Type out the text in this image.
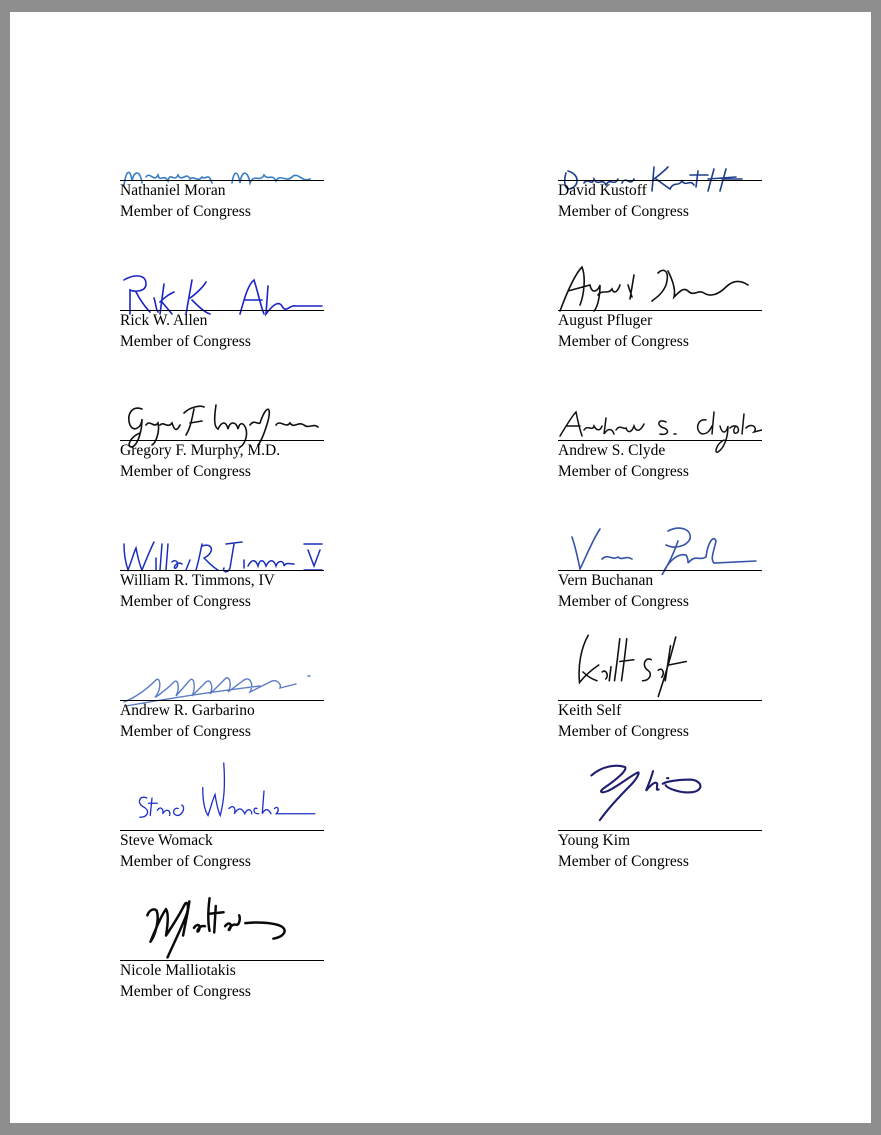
Nathaniel Moran
Member of Congress
David Kustoff
Member of Congress
Rick W. Allen
Member of Congress
August Pfluger
Member of Congress
Gregory F. Murphy, M.D.
Member of Congress
Andrew S. Clyde
Member of Congress
William R. Timmons, IV
Member of Congress
Vern Buchanan
Member of Congress
Andrew R. Garbarino
Member of Congress
Keith Self
Member of Congress
Steve Womack
Member of Congress
Young Kim
Member of Congress
Nicole Malliotakis
Member of Congress
